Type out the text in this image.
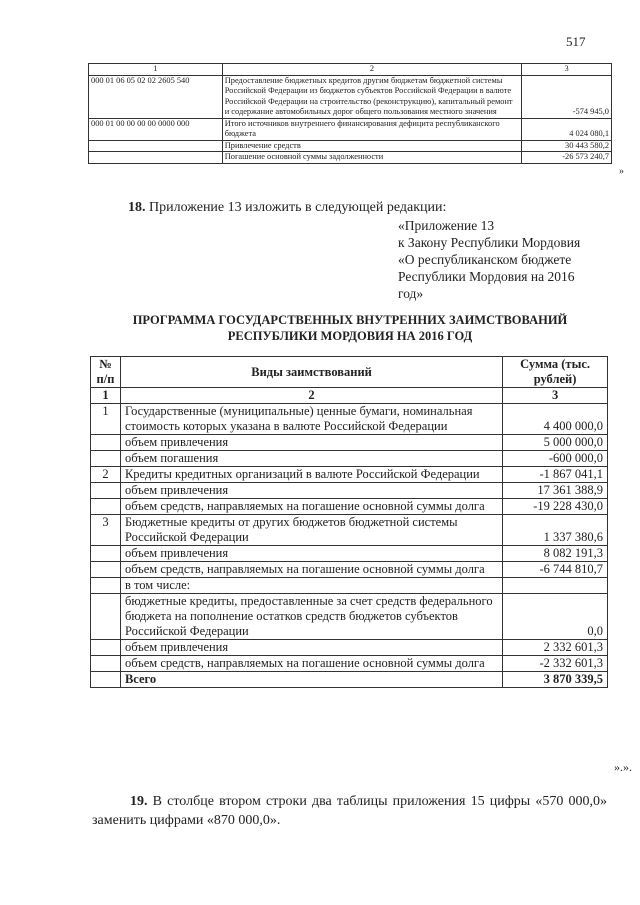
517
1	2	3
000 01 06 05 02 02 2605 540	Предоставление бюджетных кредитов другим бюджетам бюджетной системы Российской Федерации из бюджетов субъектов Российской Федерации в валюте Российской Федерации на строительство (реконструкцию), капитальный ремонт и содержание автомобильных дорог общего пользования местного значения	-574 945,0
000 01 00 00 00 00 0000 000	Итого источников внутреннего финансирования дефицита республиканского бюджета	4 024 080,1
	Привлечение средств	30 443 580,2
	Погашение основной суммы задолженности	-26 573 240,7
»
18. Приложение 13 изложить в следующей редакции:
«Приложение 13
к Закону Республики Мордовия
«О республиканском бюджете
Республики Мордовия на 2016
год»
ПРОГРАММА ГОСУДАРСТВЕННЫХ ВНУТРЕННИХ ЗАИМСТВОВАНИЙ
РЕСПУБЛИКИ МОРДОВИЯ НА 2016 ГОД
№ п/п	Виды заимствований	Сумма (тыс. рублей)
1	2	3
1	Государственные (муниципальные) ценные бумаги, номинальная стоимость которых указана в валюте Российской Федерации	4 400 000,0
	объем привлечения	5 000 000,0
	объем погашения	-600 000,0
2	Кредиты кредитных организаций в валюте Российской Федерации	-1 867 041,1
	объем привлечения	17 361 388,9
	объем средств, направляемых на погашение основной суммы долга	-19 228 430,0
3	Бюджетные кредиты от других бюджетов бюджетной системы Российской Федерации	1 337 380,6
	объем привлечения	8 082 191,3
	объем средств, направляемых на погашение основной суммы долга	-6 744 810,7
	в том числе:	
	бюджетные кредиты, предоставленные за счет средств федерального бюджета на пополнение остатков средств бюджетов субъектов Российской Федерации	0,0
	объем привлечения	2 332 601,3
	объем средств, направляемых на погашение основной суммы долга	-2 332 601,3
	Всего	3 870 339,5
».».
19. В столбце втором строки два таблицы приложения 15 цифры «570 000,0» заменить цифрами «870 000,0».
